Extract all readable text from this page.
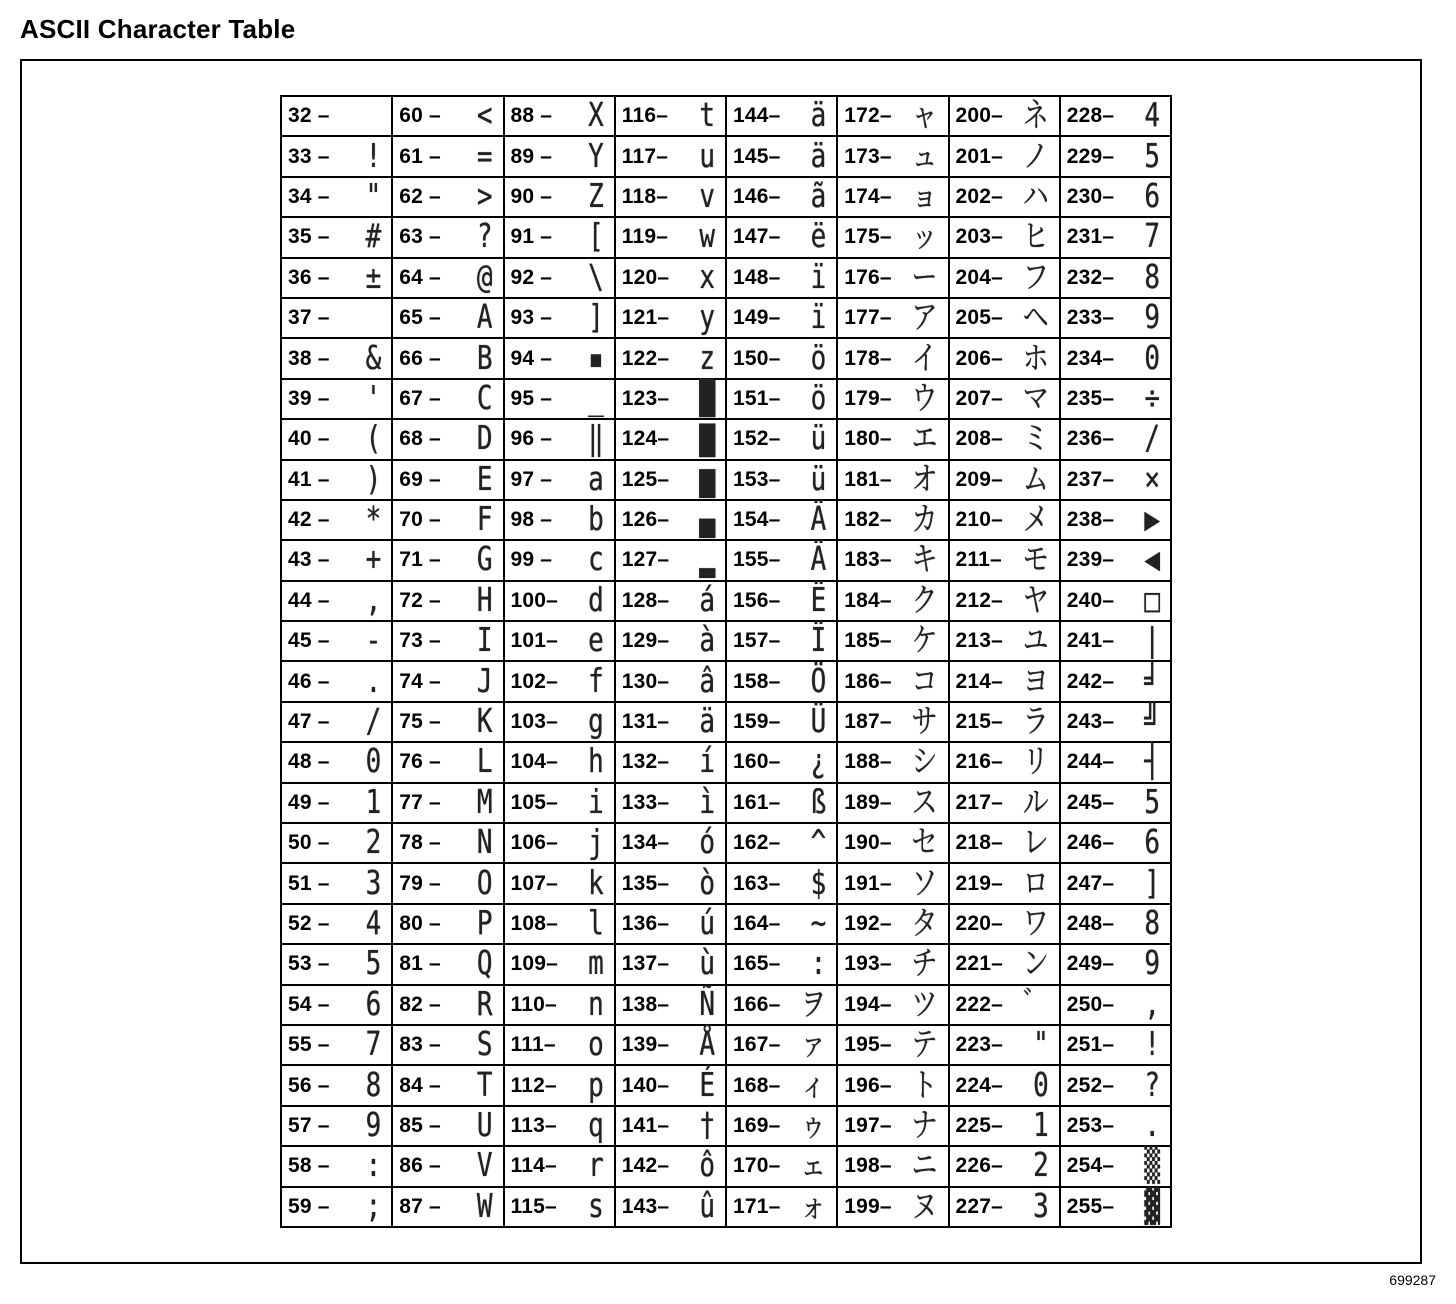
ASCII Character Table
32 –
33 – !
34 – "
35 – #
36 – ±
37 –
38 – &
39 – '
40 – (
41 – )
42 – *
43 – +
44 – ,
45 – -
46 – .
47 – /
48 – 0
49 – 1
50 – 2
51 – 3
52 – 4
53 – 5
54 – 6
55 – 7
56 – 8
57 – 9
58 – :
59 – ;
60 – <
61 – =
62 – >
63 – ?
64 – @
65 – A
66 – B
67 – C
68 – D
69 – E
70 – F
71 – G
72 – H
73 – I
74 – J
75 – K
76 – L
77 – M
78 – N
79 – O
80 – P
81 – Q
82 – R
83 – S
84 – T
85 – U
86 – V
87 – W
88 – X
89 – Y
90 – Z
91 – [
92 – \
93 – ]
94 – ▪
95 – _
96 – ‖
97 – a
98 – b
99 – c
100– d
101– e
102– f
103– g
104– h
105– i
106– j
107– k
108– l
109– m
110– n
111– o
112– p
113– q
114– r
115– s
116– t
117– u
118– v
119– w
120– x
121– y
122– z
123– █
124– ▇
125– ▆
126– ▄
127– ▂
128– á
129– à
130– â
131– ä
132– í
133– ì
134– ó
135– ò
136– ú
137– ù
138– Ñ
139– Å
140– É
141– †
142– ô
143– û
144– ä
145– ä
146– ã
147– ë
148– ï
149– ï
150– ö
151– ö
152– ü
153– ü
154– Ä
155– Ä
156– Ë
157– Ï
158– Ö
159– Ü
160– ¿
161– ß
162– ^
163– $
164– ~
165– :
166– ヲ
167– ァ
168– ィ
169– ゥ
170– ェ
171– ォ
172– ャ
173– ュ
174– ョ
175– ッ
176– ー
177– ア
178– イ
179– ウ
180– エ
181– オ
182– カ
183– キ
184– ク
185– ケ
186– コ
187– サ
188– シ
189– ス
190– セ
191– ソ
192– タ
193– チ
194– ツ
195– テ
196– ト
197– ナ
198– ニ
199– ヌ
200– ネ
201– ノ
202– ハ
203– ヒ
204– フ
205– ヘ
206– ホ
207– マ
208– ミ
209– ム
210– メ
211– モ
212– ヤ
213– ユ
214– ヨ
215– ラ
216– リ
217– ル
218– レ
219– ロ
220– ワ
221– ン
222– ゛
223– "
224– 0
225– 1
226– 2
227– 3
228– 4
229– 5
230– 6
231– 7
232– 8
233– 9
234– 0
235– ÷
236– /
237– ×
238– ▶
239– ◀
240– □
241– |
242– ╛
243– ╝
244– ┤
245– 5
246– 6
247– ]
248– 8
249– 9
250– ,
251– !
252– ?
253– .
254– ▒
255– ▓
699287
